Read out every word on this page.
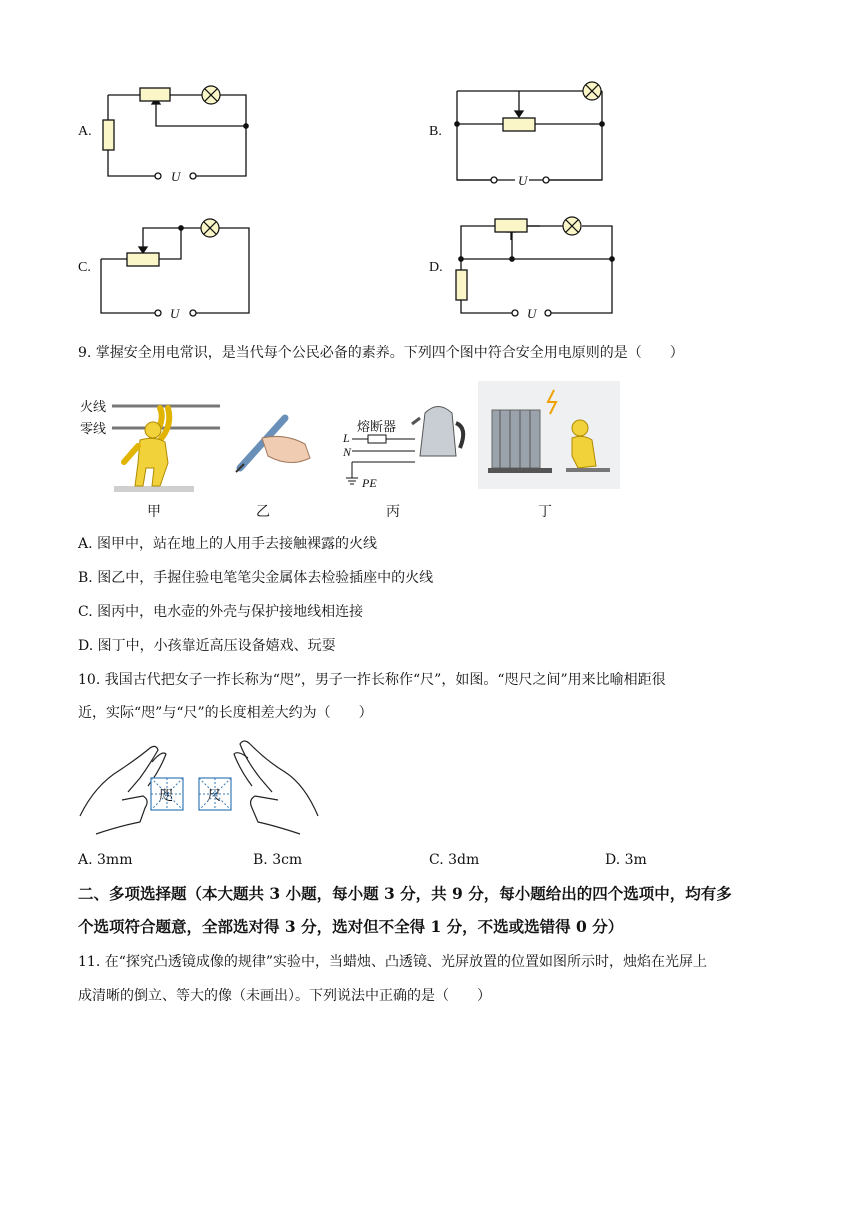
A.	B.
C.	D.
U	U
U	U
9. 掌握安全用电常识，是当代每个公民必备的素养。下列四个图中符合安全用电原则的是（　　）
火线
零线	熔断器
L
N
PE
甲	乙	丙	丁
A. 图甲中，站在地上的人用手去接触裸露的火线
B. 图乙中，手握住验电笔笔尖金属体去检验插座中的火线
C. 图丙中，电水壶的外壳与保护接地线相连接
D. 图丁中，小孩靠近高压设备嬉戏、玩耍
10. 我国古代把女子一拃长称为“咫”，男子一拃长称作“尺”，如图。“咫尺之间”用来比喻相距很
近，实际“咫”与“尺”的长度相差大约为（　　）
咫 尺
A. 3mm	B. 3cm	C. 3dm	D. 3m
二、多项选择题（本大题共 3 小题，每小题 3 分，共 9 分，每小题给出的四个选项中，均有多
个选项符合题意，全部选对得 3 分，选对但不全得 1 分，不选或选错得 0 分）
11. 在“探究凸透镜成像的规律”实验中，当蜡烛、凸透镜、光屏放置的位置如图所示时，烛焰在光屏上
成清晰的倒立、等大的像（未画出）。下列说法中正确的是（　　）
